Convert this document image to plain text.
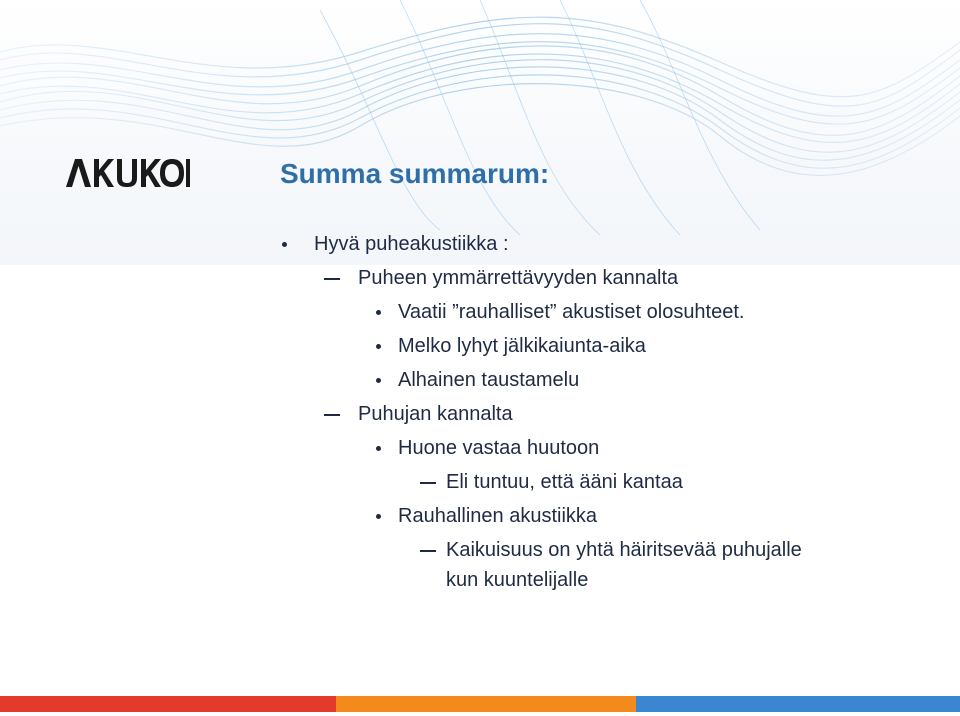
Summa summarum:
Hyvä puheakustiikka :
Puheen ymmärrettävyyden kannalta
Vaatii ”rauhalliset” akustiset olosuhteet.
Melko lyhyt jälkikaiunta-aika
Alhainen taustamelu
Puhujan kannalta
Huone vastaa huutoon
Eli tuntuu, että ääni kantaa
Rauhallinen akustiikka
Kaikuisuus on yhtä häiritsevää puhujalle
kun kuuntelijalle
